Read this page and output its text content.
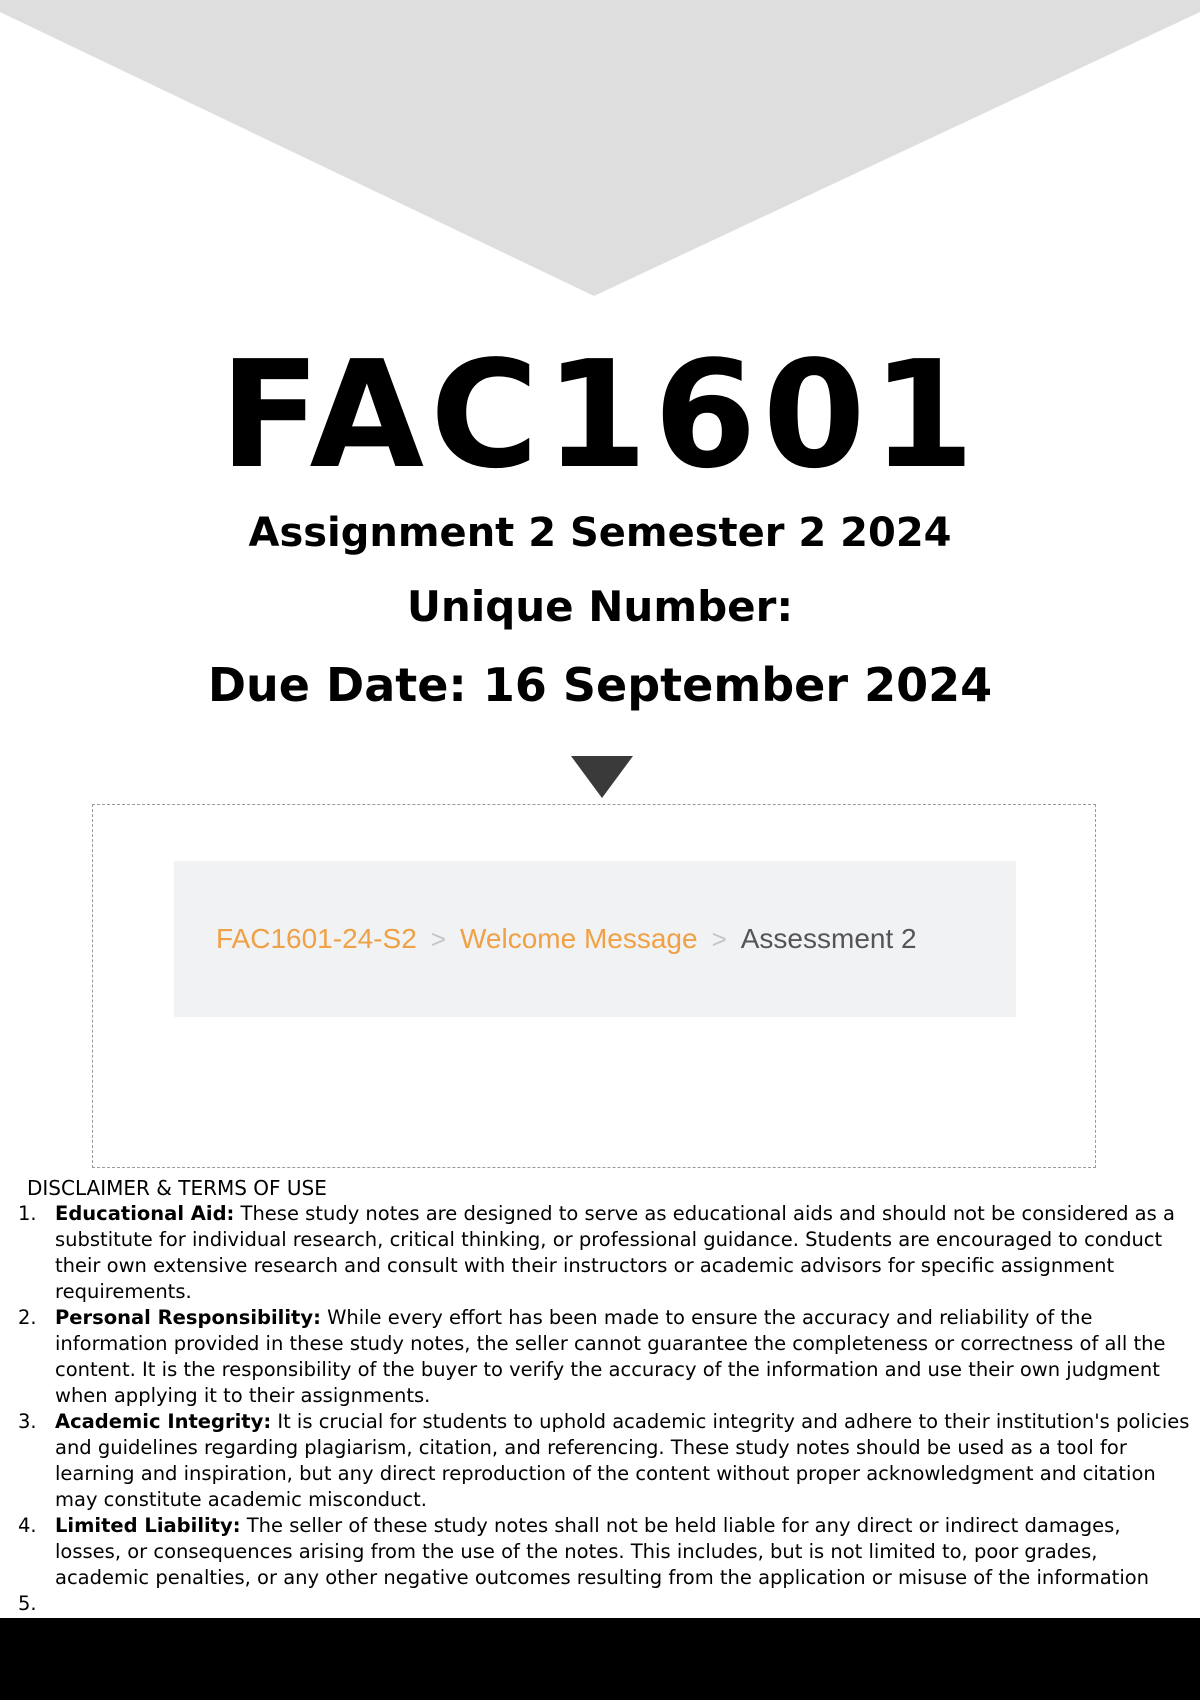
FAC1601
Assignment 2 Semester 2 2024
Unique Number:
Due Date: 16 September 2024
FAC1601-24-S2 > Welcome Message > Assessment 2
DISCLAIMER & TERMS OF USE
1. Educational Aid: These study notes are designed to serve as educational aids and should not be considered as a substitute for individual research, critical thinking, or professional guidance. Students are encouraged to conduct their own extensive research and consult with their instructors or academic advisors for specific assignment requirements.
2. Personal Responsibility: While every effort has been made to ensure the accuracy and reliability of the information provided in these study notes, the seller cannot guarantee the completeness or correctness of all the content. It is the responsibility of the buyer to verify the accuracy of the information and use their own judgment when applying it to their assignments.
3. Academic Integrity: It is crucial for students to uphold academic integrity and adhere to their institution's policies and guidelines regarding plagiarism, citation, and referencing. These study notes should be used as a tool for learning and inspiration, but any direct reproduction of the content without proper acknowledgment and citation may constitute academic misconduct.
4. Limited Liability: The seller of these study notes shall not be held liable for any direct or indirect damages, losses, or consequences arising from the use of the notes. This includes, but is not limited to, poor grades, academic penalties, or any other negative outcomes resulting from the application or misuse of the information
5.
